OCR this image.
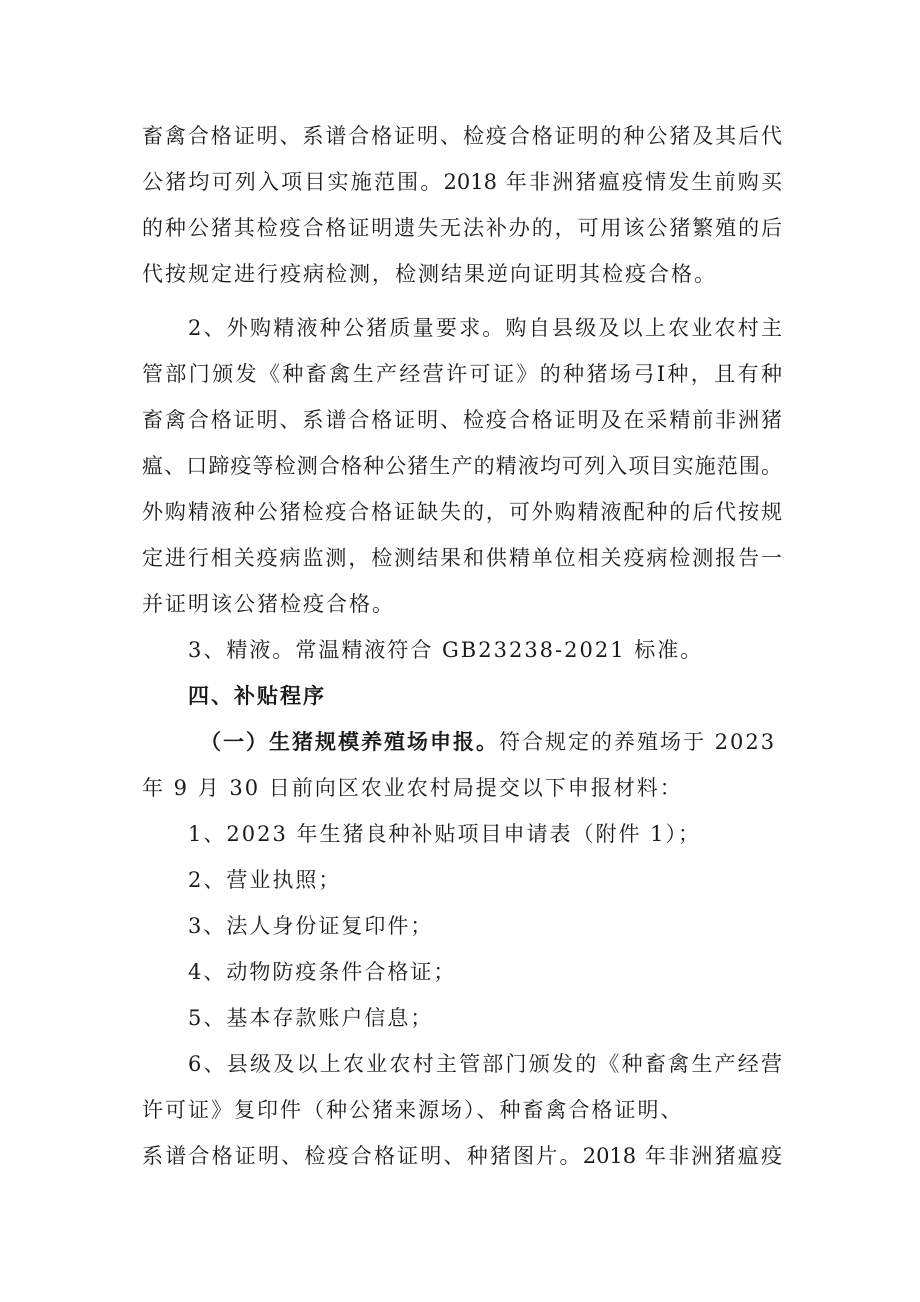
畜禽合格证明、系谱合格证明、检疫合格证明的种公猪及其后代
公猪均可列入项目实施范围。2018 年非洲猪瘟疫情发生前购买
的种公猪其检疫合格证明遗失无法补办的，可用该公猪繁殖的后
代按规定进行疫病检测，检测结果逆向证明其检疫合格。
2、外购精液种公猪质量要求。购自县级及以上农业农村主
管部门颁发《种畜禽生产经营许可证》的种猪场弓Ⅰ种，且有种
畜禽合格证明、系谱合格证明、检疫合格证明及在采精前非洲猪
瘟、口蹄疫等检测合格种公猪生产的精液均可列入项目实施范围。
外购精液种公猪检疫合格证缺失的，可外购精液配种的后代按规
定进行相关疫病监测，检测结果和供精单位相关疫病检测报告一
并证明该公猪检疫合格。
3、精液。常温精液符合 GB23238-2021 标准。
四、补贴程序
（一）生猪规模养殖场申报。符合规定的养殖场于 2023
年 9 月 30 日前向区农业农村局提交以下申报材料：
1、2023 年生猪良种补贴项目申请表（附件 1）；
2、营业执照；
3、法人身份证复印件；
4、动物防疫条件合格证；
5、基本存款账户信息；
6、县级及以上农业农村主管部门颁发的《种畜禽生产经营
许可证》复印件（种公猪来源场）、种畜禽合格证明、
系谱合格证明、检疫合格证明、种猪图片。2018 年非洲猪瘟疫
